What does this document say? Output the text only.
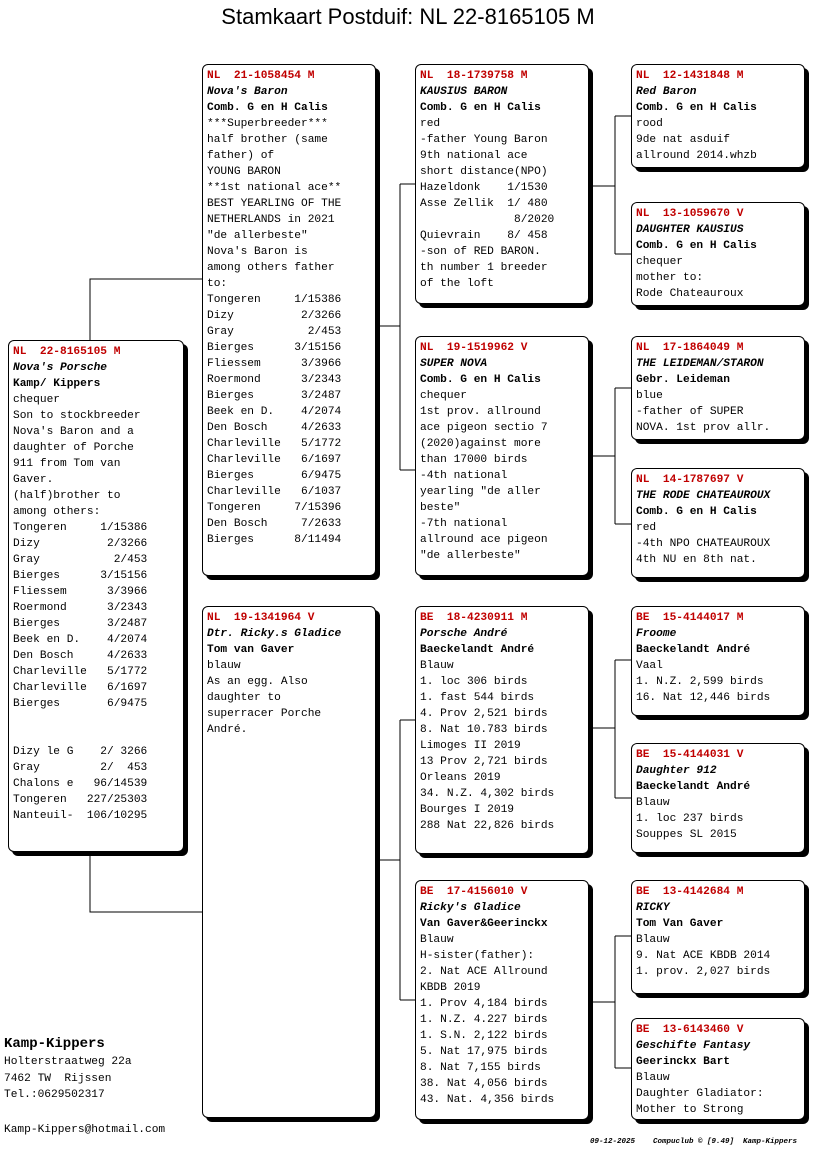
Stamkaart Postduif: NL 22-8165105 M
NL  22-8165105 M
Nova's Porsche
Kamp/ Kippers
chequer
Son to stockbreeder
Nova's Baron and a
daughter of Porche
911 from Tom van
Gaver.
(half)brother to
among others:
Tongeren     1/15386
Dizy          2/3266
Gray           2/453
Bierges      3/15156
Fliessem      3/3966
Roermond      3/2343
Bierges       3/2487
Beek en D.    4/2074
Den Bosch     4/2633
Charleville   5/1772
Charleville   6/1697
Bierges       6/9475
Dizy le G    2/ 3266
Gray         2/  453
Chalons e   96/14539
Tongeren   227/25303
Nanteuil-  106/10295
NL  21-1058454 M
Nova's Baron
Comb. G en H Calis
***Superbreeder***
half brother (same
father) of
YOUNG BARON
**1st national ace**
BEST YEARLING OF THE
NETHERLANDS in 2021
"de allerbeste"
Nova's Baron is
among others father
to:
Tongeren     1/15386
Dizy          2/3266
Gray           2/453
Bierges      3/15156
Fliessem      3/3966
Roermond      3/2343
Bierges       3/2487
Beek en D.    4/2074
Den Bosch     4/2633
Charleville   5/1772
Charleville   6/1697
Bierges       6/9475
Charleville   6/1037
Tongeren     7/15396
Den Bosch     7/2633
Bierges      8/11494
NL  19-1341964 V
Dtr. Ricky.s Gladice
Tom van Gaver
blauw
As an egg. Also
daughter to
superracer Porche
André.
NL  18-1739758 M
KAUSIUS BARON
Comb. G en H Calis
red
-father Young Baron
9th national ace
short distance(NPO)
Hazeldonk    1/1530
Asse Zellik  1/ 480
8/2020
Quievrain    8/ 458
-son of RED BARON.
th number 1 breeder
of the loft
NL  19-1519962 V
SUPER NOVA
Comb. G en H Calis
chequer
1st prov. allround
ace pigeon sectio 7
(2020)against more
than 17000 birds
-4th national
yearling "de aller
beste"
-7th national
allround ace pigeon
"de allerbeste"
BE  18-4230911 M
Porsche André
Baeckelandt André
Blauw
1. loc 306 birds
1. fast 544 birds
4. Prov 2,521 birds
8. Nat 10.783 birds
Limoges II 2019
13 Prov 2,721 birds
Orleans 2019
34. N.Z. 4,302 birds
Bourges I 2019
288 Nat 22,826 birds
BE  17-4156010 V
Ricky's Gladice
Van Gaver&Geerinckx
Blauw
H-sister(father):
2. Nat ACE Allround
KBDB 2019
1. Prov 4,184 birds
1. N.Z. 4.227 birds
1. S.N. 2,122 birds
5. Nat 17,975 birds
8. Nat 7,155 birds
38. Nat 4,056 birds
43. Nat. 4,356 birds
NL  12-1431848 M
Red Baron
Comb. G en H Calis
rood
9de nat asduif
allround 2014.whzb
NL  13-1059670 V
DAUGHTER KAUSIUS
Comb. G en H Calis
chequer
mother to:
Rode Chateauroux
NL  17-1864049 M
THE LEIDEMAN/STARON
Gebr. Leideman
blue
-father of SUPER
NOVA. 1st prov allr.
NL  14-1787697 V
THE RODE CHATEAUROUX
Comb. G en H Calis
red
-4th NPO CHATEAUROUX
4th NU en 8th nat.
BE  15-4144017 M
Froome
Baeckelandt André
Vaal
1. N.Z. 2,599 birds
16. Nat 12,446 birds
BE  15-4144031 V
Daughter 912
Baeckelandt André
Blauw
1. loc 237 birds
Souppes SL 2015
BE  13-4142684 M
RICKY
Tom Van Gaver
Blauw
9. Nat ACE KBDB 2014
1. prov. 2,027 birds
BE  13-6143460 V
Geschifte Fantasy
Geerinckx Bart
Blauw
Daughter Gladiator:
Mother to Strong
Kamp-Kippers
Holterstraatweg 22a
7462 TW  Rijssen
Tel.:0629502317
Kamp-Kippers@hotmail.com
09-12-2025    Compuclub © [9.49]  Kamp-Kippers
